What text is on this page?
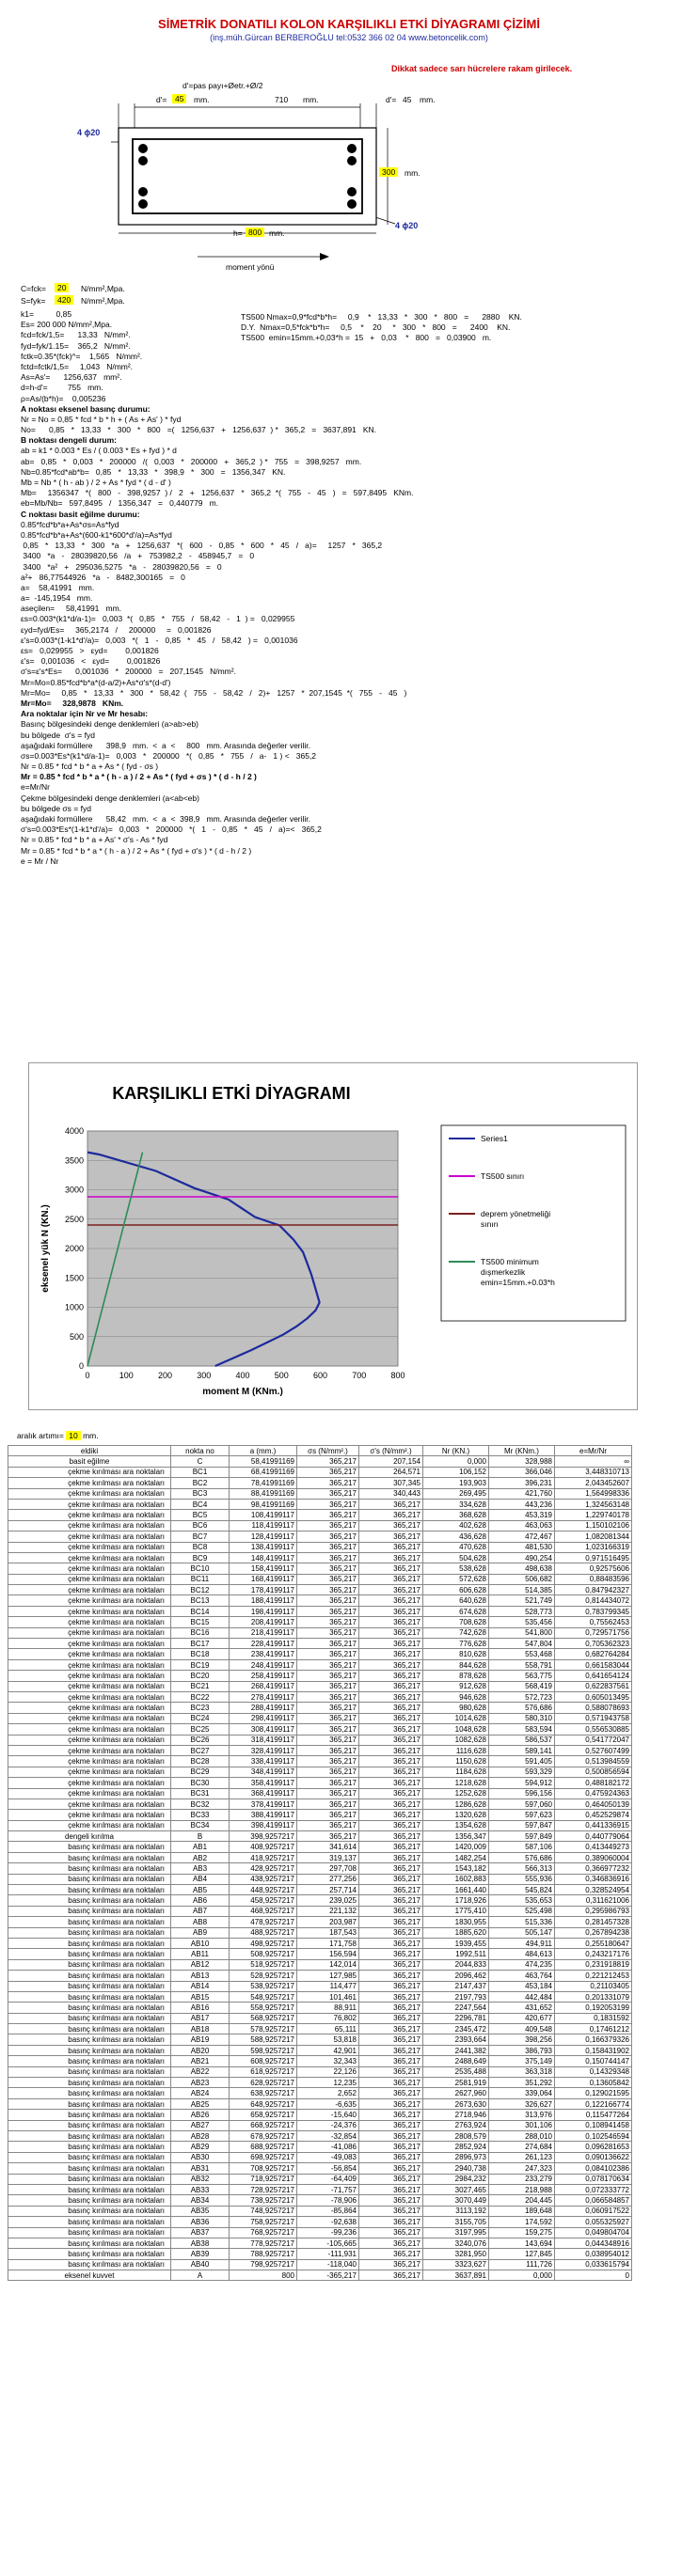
SİMETRİK DONATILI KOLON KARŞILIKLI ETKİ DİYAGRAMI ÇİZİMİ
(inş.müh.Gürcan BERBEROĞLU tel:0532 366 02 04 www.betoncelik.com)
Dikkat sadece sarı hücrelere rakam girilecek.
d'=pas payı+Øetr.+Ø/2
d'=	45	mm.	710 mm.	d'= 45 mm.
4 ɸ20
4 ɸ20
300	mm.
h= 800 mm.
moment yönü
C=fck=	20	N/mm²,Mpa.
S=fyk=	420	N/mm²,Mpa.
k1=          0,85
Es= 200 000 N/mm²,Mpa.
fcd=fck/1,5=      13,33   N/mm².
fyd=fyk/1.15=    365,2   N/mm².
fctk=0.35*(fck)^=    1,565   N/mm².
fctd=fctk/1,5=     1,043   N/mm².
As=As'=      1256,637   mm².
d=h-d'=         755   mm.
ρ=As/(b*h)=    0,005236
A noktası eksenel basınç durumu:
Nr = No = 0,85 * fcd * b * h + ( As + As' ) * fyd
No=      0,85   *   13,33   *   300   *   800   =(   1256,637   +   1256,637  ) *   365,2   =   3637,891   KN.
B noktası dengeli durum:
ab = k1 * 0.003 * Es / ( 0.003 * Es + fyd ) * d
ab=   0,85   *   0,003   *   200000   /(   0,003   *   200000   +   365,2  ) *   755   =   398,9257   mm.
Nb=0.85*fcd*ab*b=   0,85   *   13,33   *   398,9   *   300   =   1356,347   KN.
Mb = Nb * ( h - ab ) / 2 + As * fyd * ( d - d' )
Mb=     1356347   *(   800   -   398,9257  ) /   2   +   1256,637   *   365,2  *(   755   -   45   )   =   597,8495   KNm.
eb=Mb/Nb=   597,8495   /   1356,347   =   0,440779   m.
C noktası basit eğilme durumu:
0.85*fcd*b*a+As*σs=As*fyd
0.85*fcd*b*a+As*(600-k1*600*d'/a)=As*fyd
0,85   *   13,33   *   300   *a   +   1256,637   *(   600   -   0,85   *   600   *   45   /   a)=     1257   *   365,2
3400   *a   -   28039820,56   /a   +   753982,2   -   458945,7   =   0
3400   *a²   +   295036,5275   *a   -   28039820,56   =   0
a²+   86,77544926   *a   -   8482,300165   =   0
a=    58,41991   mm.
a=  -145,1954   mm.
aseçilen=     58,41991   mm.
εs=0.003*(k1*d/a-1)=   0,003  *(   0,85   *   755   /   58,42   -   1  ) =   0,029955
εyd=fyd/Es=     365,2174   /     200000     =   0,001826
ε's=0.003*(1-k1*d'/a)=   0,003   *(   1   -   0,85   *   45   /   58,42   ) =   0,001036
εs=   0,029955   >   εyd=        0,001826
ε's=   0,001036   <   εyd=        0,001826
σ's=ε's*Es=      0,001036   *   200000   =   207,1545   N/mm².
Mr=Mo=0.85*fcd*b*a*(d-a/2)+As*σ's*(d-d')
Mr=Mo=     0,85   *   13,33   *   300   *   58,42  (   755   -   58,42   /   2)+   1257   *  207,1545  *(   755   -   45   )
Mr=Mo=     328,9878   KNm.
Ara noktalar için Nr ve Mr hesabı:
Basınç bölgesindeki denge denklemleri (a>ab>eb)
bu bölgede  σ's = fyd
aşağıdaki formüllere      398,9   mm.  <  a  <     800   mm. Arasında değerler verilir.
σs=0.003*Es*(k1*d/a-1)=   0,003   *   200000   *(   0,85   *   755   /   a-   1 ) <   365,2
Nr = 0.85 * fcd * b * a + As * ( fyd - σs )
Mr = 0.85 * fcd * b * a * ( h - a ) / 2 + As * ( fyd + σs ) * ( d - h / 2 )
e=Mr/Nr
Çekme bölgesindeki denge denklemleri (a<ab<eb)
bu bölgede σs = fyd
aşağıdaki formüllere      58,42   mm.  <  a  <  398,9   mm. Arasında değerler verilir.
σ's=0.003*Es*(1-k1*d'/a)=   0,003   *   200000   *(   1   -   0,85   *   45   /   a)=<   365,2
Nr = 0.85 * fcd * b * a + As' * σ's - As * fyd
Mr = 0.85 * fcd * b * a * ( h - a ) / 2 + As * ( fyd + σ's ) * ( d - h / 2 )
e = Mr / Nr
TS500 Nmax=0,9*fcd*b*h=     0,9    *   13,33   *   300   *   800   =      2880    KN.
D.Y.  Nmax=0,5*fck*b*h=     0,5    *    20     *   300   *   800   =      2400    KN.
TS500  emin=15mm.+0,03*h =  15   +   0,03    *   800   =   0,03900   m.
KARŞILIKLI ETKİ DİYAGRAMI
0
500
1000
1500
2000
2500
3000
3500
4000
0	100	200	300	400	500	600	700	800
moment M (KNm.)
eksenel yük N (KN.)
Series1
TS500 sınırı
deprem yönetmeliği sınırı
TS500 minimum dışmerkezlik emin=15mm.+0.03*h
aralık artımı= 10 mm.
eldiki	nokta no	a (mm.)	σs (N/mm².)	σ's (N/mm².)	Nr (KN.)	Mr (KNm.)	e=Mr/Nr
basit eğilme	C	58,41991169	365,217	207,154	0,000	328,988	∞
çekme kırılması ara noktaları	BC1	68,41991169	365,217	264,571	106,152	366,046	3,448310713
çekme kırılması ara noktaları	BC2	78,41991169	365,217	307,345	193,903	396,231	2,043452607
çekme kırılması ara noktaları	BC3	88,41991169	365,217	340,443	269,495	421,760	1,564998336
çekme kırılması ara noktaları	BC4	98,41991169	365,217	365,217	334,628	443,236	1,324563148
çekme kırılması ara noktaları	BC5	108,4199117	365,217	365,217	368,628	453,319	1,229740178
çekme kırılması ara noktaları	BC6	118,4199117	365,217	365,217	402,628	463,063	1,150102106
çekme kırılması ara noktaları	BC7	128,4199117	365,217	365,217	436,628	472,467	1,082081344
çekme kırılması ara noktaları	BC8	138,4199117	365,217	365,217	470,628	481,530	1,023166319
çekme kırılması ara noktaları	BC9	148,4199117	365,217	365,217	504,628	490,254	0,971516495
çekme kırılması ara noktaları	BC10	158,4199117	365,217	365,217	538,628	498,638	0,92575606
çekme kırılması ara noktaları	BC11	168,4199117	365,217	365,217	572,628	506,682	0,88483596
çekme kırılması ara noktaları	BC12	178,4199117	365,217	365,217	606,628	514,385	0,847942327
çekme kırılması ara noktaları	BC13	188,4199117	365,217	365,217	640,628	521,749	0,814434072
çekme kırılması ara noktaları	BC14	198,4199117	365,217	365,217	674,628	528,773	0,783799345
çekme kırılması ara noktaları	BC15	208,4199117	365,217	365,217	708,628	535,456	0,75562453
çekme kırılması ara noktaları	BC16	218,4199117	365,217	365,217	742,628	541,800	0,729571756
çekme kırılması ara noktaları	BC17	228,4199117	365,217	365,217	776,628	547,804	0,705362323
çekme kırılması ara noktaları	BC18	238,4199117	365,217	365,217	810,628	553,468	0,682764284
çekme kırılması ara noktaları	BC19	248,4199117	365,217	365,217	844,628	558,791	0,661583044
çekme kırılması ara noktaları	BC20	258,4199117	365,217	365,217	878,628	563,775	0,641654124
çekme kırılması ara noktaları	BC21	268,4199117	365,217	365,217	912,628	568,419	0,622837561
çekme kırılması ara noktaları	BC22	278,4199117	365,217	365,217	946,628	572,723	0,605013495
çekme kırılması ara noktaları	BC23	288,4199117	365,217	365,217	980,628	576,686	0,588078693
çekme kırılması ara noktaları	BC24	298,4199117	365,217	365,217	1014,628	580,310	0,571943758
çekme kırılması ara noktaları	BC25	308,4199117	365,217	365,217	1048,628	583,594	0,556530885
çekme kırılması ara noktaları	BC26	318,4199117	365,217	365,217	1082,628	586,537	0,541772047
çekme kırılması ara noktaları	BC27	328,4199117	365,217	365,217	1116,628	589,141	0,527607499
çekme kırılması ara noktaları	BC28	338,4199117	365,217	365,217	1150,628	591,405	0,513984559
çekme kırılması ara noktaları	BC29	348,4199117	365,217	365,217	1184,628	593,329	0,500856594
çekme kırılması ara noktaları	BC30	358,4199117	365,217	365,217	1218,628	594,912	0,488182172
çekme kırılması ara noktaları	BC31	368,4199117	365,217	365,217	1252,628	596,156	0,475924363
çekme kırılması ara noktaları	BC32	378,4199117	365,217	365,217	1286,628	597,060	0,464050139
çekme kırılması ara noktaları	BC33	388,4199117	365,217	365,217	1320,628	597,623	0,452529874
çekme kırılması ara noktaları	BC34	398,4199117	365,217	365,217	1354,628	597,847	0,441336915
dengeli kırılma	B	398,9257217	365,217	365,217	1356,347	597,849	0,440779064
basınç kırılması ara noktaları	AB1	408,9257217	341,614	365,217	1420,009	587,106	0,413449273
basınç kırılması ara noktaları	AB2	418,9257217	319,137	365,217	1482,254	576,686	0,389060004
basınç kırılması ara noktaları	AB3	428,9257217	297,708	365,217	1543,182	566,313	0,366977232
basınç kırılması ara noktaları	AB4	438,9257217	277,256	365,217	1602,883	555,936	0,346836916
basınç kırılması ara noktaları	AB5	448,9257217	257,714	365,217	1661,440	545,824	0,328524954
basınç kırılması ara noktaları	AB6	458,9257217	239,025	365,217	1718,926	535,653	0,311621006
basınç kırılması ara noktaları	AB7	468,9257217	221,132	365,217	1775,410	525,498	0,295986793
basınç kırılması ara noktaları	AB8	478,9257217	203,987	365,217	1830,955	515,336	0,281457328
basınç kırılması ara noktaları	AB9	488,9257217	187,543	365,217	1885,620	505,147	0,267894238
basınç kırılması ara noktaları	AB10	498,9257217	171,758	365,217	1939,455	494,911	0,255180647
basınç kırılması ara noktaları	AB11	508,9257217	156,594	365,217	1992,511	484,613	0,243217176
basınç kırılması ara noktaları	AB12	518,9257217	142,014	365,217	2044,833	474,235	0,231918819
basınç kırılması ara noktaları	AB13	528,9257217	127,985	365,217	2096,462	463,764	0,221212453
basınç kırılması ara noktaları	AB14	538,9257217	114,477	365,217	2147,437	453,184	0,21103405
basınç kırılması ara noktaları	AB15	548,9257217	101,461	365,217	2197,793	442,484	0,201331079
basınç kırılması ara noktaları	AB16	558,9257217	88,911	365,217	2247,564	431,652	0,192053199
basınç kırılması ara noktaları	AB17	568,9257217	76,802	365,217	2296,781	420,677	0,1831592
basınç kırılması ara noktaları	AB18	578,9257217	65,111	365,217	2345,472	409,548	0,17461212
basınç kırılması ara noktaları	AB19	588,9257217	53,818	365,217	2393,664	398,256	0,166379326
basınç kırılması ara noktaları	AB20	598,9257217	42,901	365,217	2441,382	386,793	0,158431902
basınç kırılması ara noktaları	AB21	608,9257217	32,343	365,217	2488,649	375,149	0,150744147
basınç kırılması ara noktaları	AB22	618,9257217	22,126	365,217	2535,488	363,318	0,14329348
basınç kırılması ara noktaları	AB23	628,9257217	12,235	365,217	2581,919	351,292	0,13605842
basınç kırılması ara noktaları	AB24	638,9257217	2,652	365,217	2627,960	339,064	0,129021595
basınç kırılması ara noktaları	AB25	648,9257217	-6,635	365,217	2673,630	326,627	0,122166774
basınç kırılması ara noktaları	AB26	658,9257217	-15,640	365,217	2718,946	313,976	0,115477264
basınç kırılması ara noktaları	AB27	668,9257217	-24,376	365,217	2763,924	301,106	0,108941458
basınç kırılması ara noktaları	AB28	678,9257217	-32,854	365,217	2808,579	288,010	0,102546594
basınç kırılması ara noktaları	AB29	688,9257217	-41,086	365,217	2852,924	274,684	0,096281653
basınç kırılması ara noktaları	AB30	698,9257217	-49,083	365,217	2896,973	261,123	0,090136622
basınç kırılması ara noktaları	AB31	708,9257217	-56,854	365,217	2940,738	247,323	0,084102386
basınç kırılması ara noktaları	AB32	718,9257217	-64,409	365,217	2984,232	233,279	0,078170634
basınç kırılması ara noktaları	AB33	728,9257217	-71,757	365,217	3027,465	218,988	0,072333772
basınç kırılması ara noktaları	AB34	738,9257217	-78,906	365,217	3070,449	204,445	0,066584857
basınç kırılması ara noktaları	AB35	748,9257217	-85,864	365,217	3113,192	189,648	0,060917522
basınç kırılması ara noktaları	AB36	758,9257217	-92,638	365,217	3155,705	174,592	0,055325927
basınç kırılması ara noktaları	AB37	768,9257217	-99,236	365,217	3197,995	159,275	0,049804704
basınç kırılması ara noktaları	AB38	778,9257217	-105,665	365,217	3240,076	143,694	0,044348916
basınç kırılması ara noktaları	AB39	788,9257217	-111,931	365,217	3281,950	127,845	0,038954012
basınç kırılması ara noktaları	AB40	798,9257217	-118,040	365,217	3323,627	111,726	0,033615794
eksenel kuvvet	A	800	-365,217	365,217	3637,891	0,000	0
